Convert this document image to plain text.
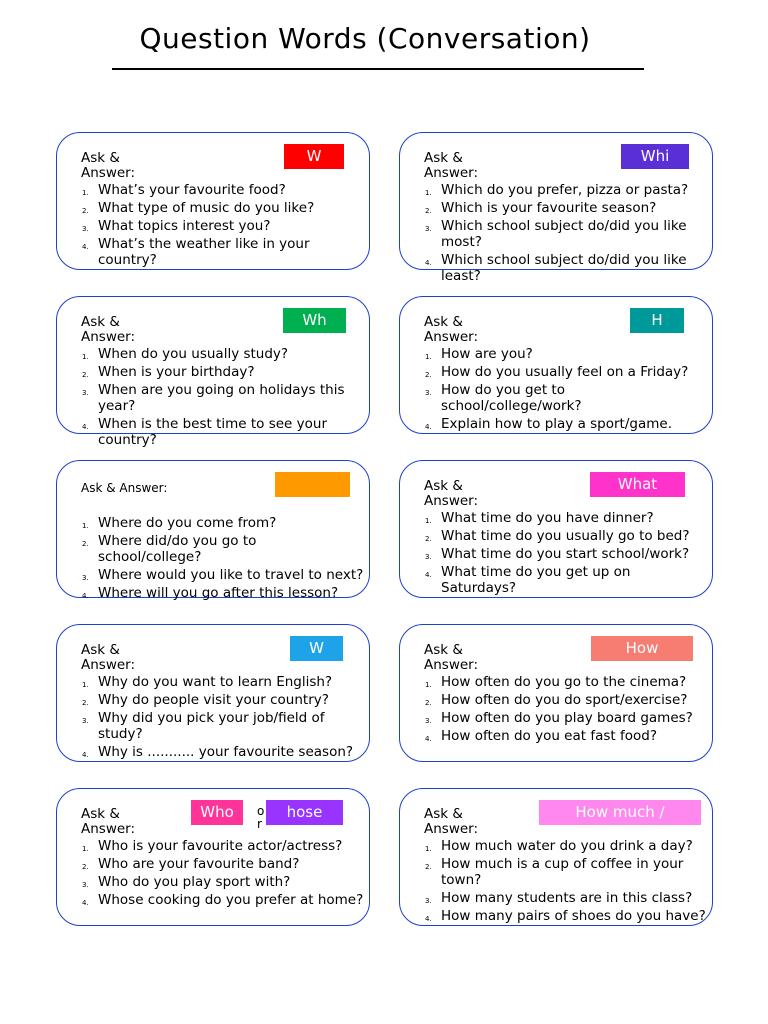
Question Words (Conversation)
Ask & Answer:
W
1. What’s your favourite food?
2. What type of music do you like?
3. What topics interest you?
4. What’s the weather like in your country?
Ask & Answer:
Whi
1. Which do you prefer, pizza or pasta?
2. Which is your favourite season?
3. Which school subject do/did you like most?
4. Which school subject do/did you like least?
Ask & Answer:
Wh
1. When do you usually study?
2. When is your birthday?
3. When are you going on holidays this year?
4. When is the best time to see your country?
Ask & Answer:
H
1. How are you?
2. How do you usually feel on a Friday?
3. How do you get to school/college/work?
4. Explain how to play a sport/game.
Ask & Answer:
1. Where do you come from?
2. Where did/do you go to school/college?
3. Where would you like to travel to next?
4. Where will you go after this lesson?
Ask & Answer:
What
1. What time do you have dinner?
2. What time do you usually go to bed?
3. What time do you start school/work?
4. What time do you get up on Saturdays?
Ask & Answer:
W
1. Why do you want to learn English?
2. Why do people visit your country?
3. Why did you pick your job/field of study?
4. Why is ........... your favourite season?
Ask & Answer:
How
1. How often do you go to the cinema?
2. How often do you do sport/exercise?
3. How often do you play board games?
4. How often do you eat fast food?
Ask & Answer:
Who	o r
hose
1. Who is your favourite actor/actress?
2. Who are your favourite band?
3. Who do you play sport with?
4. Whose cooking do you prefer at home?
Ask & Answer:
How much /
1. How much water do you drink a day?
2. How much is a cup of coffee in your town?
3. How many students are in this class?
4. How many pairs of shoes do you have?
